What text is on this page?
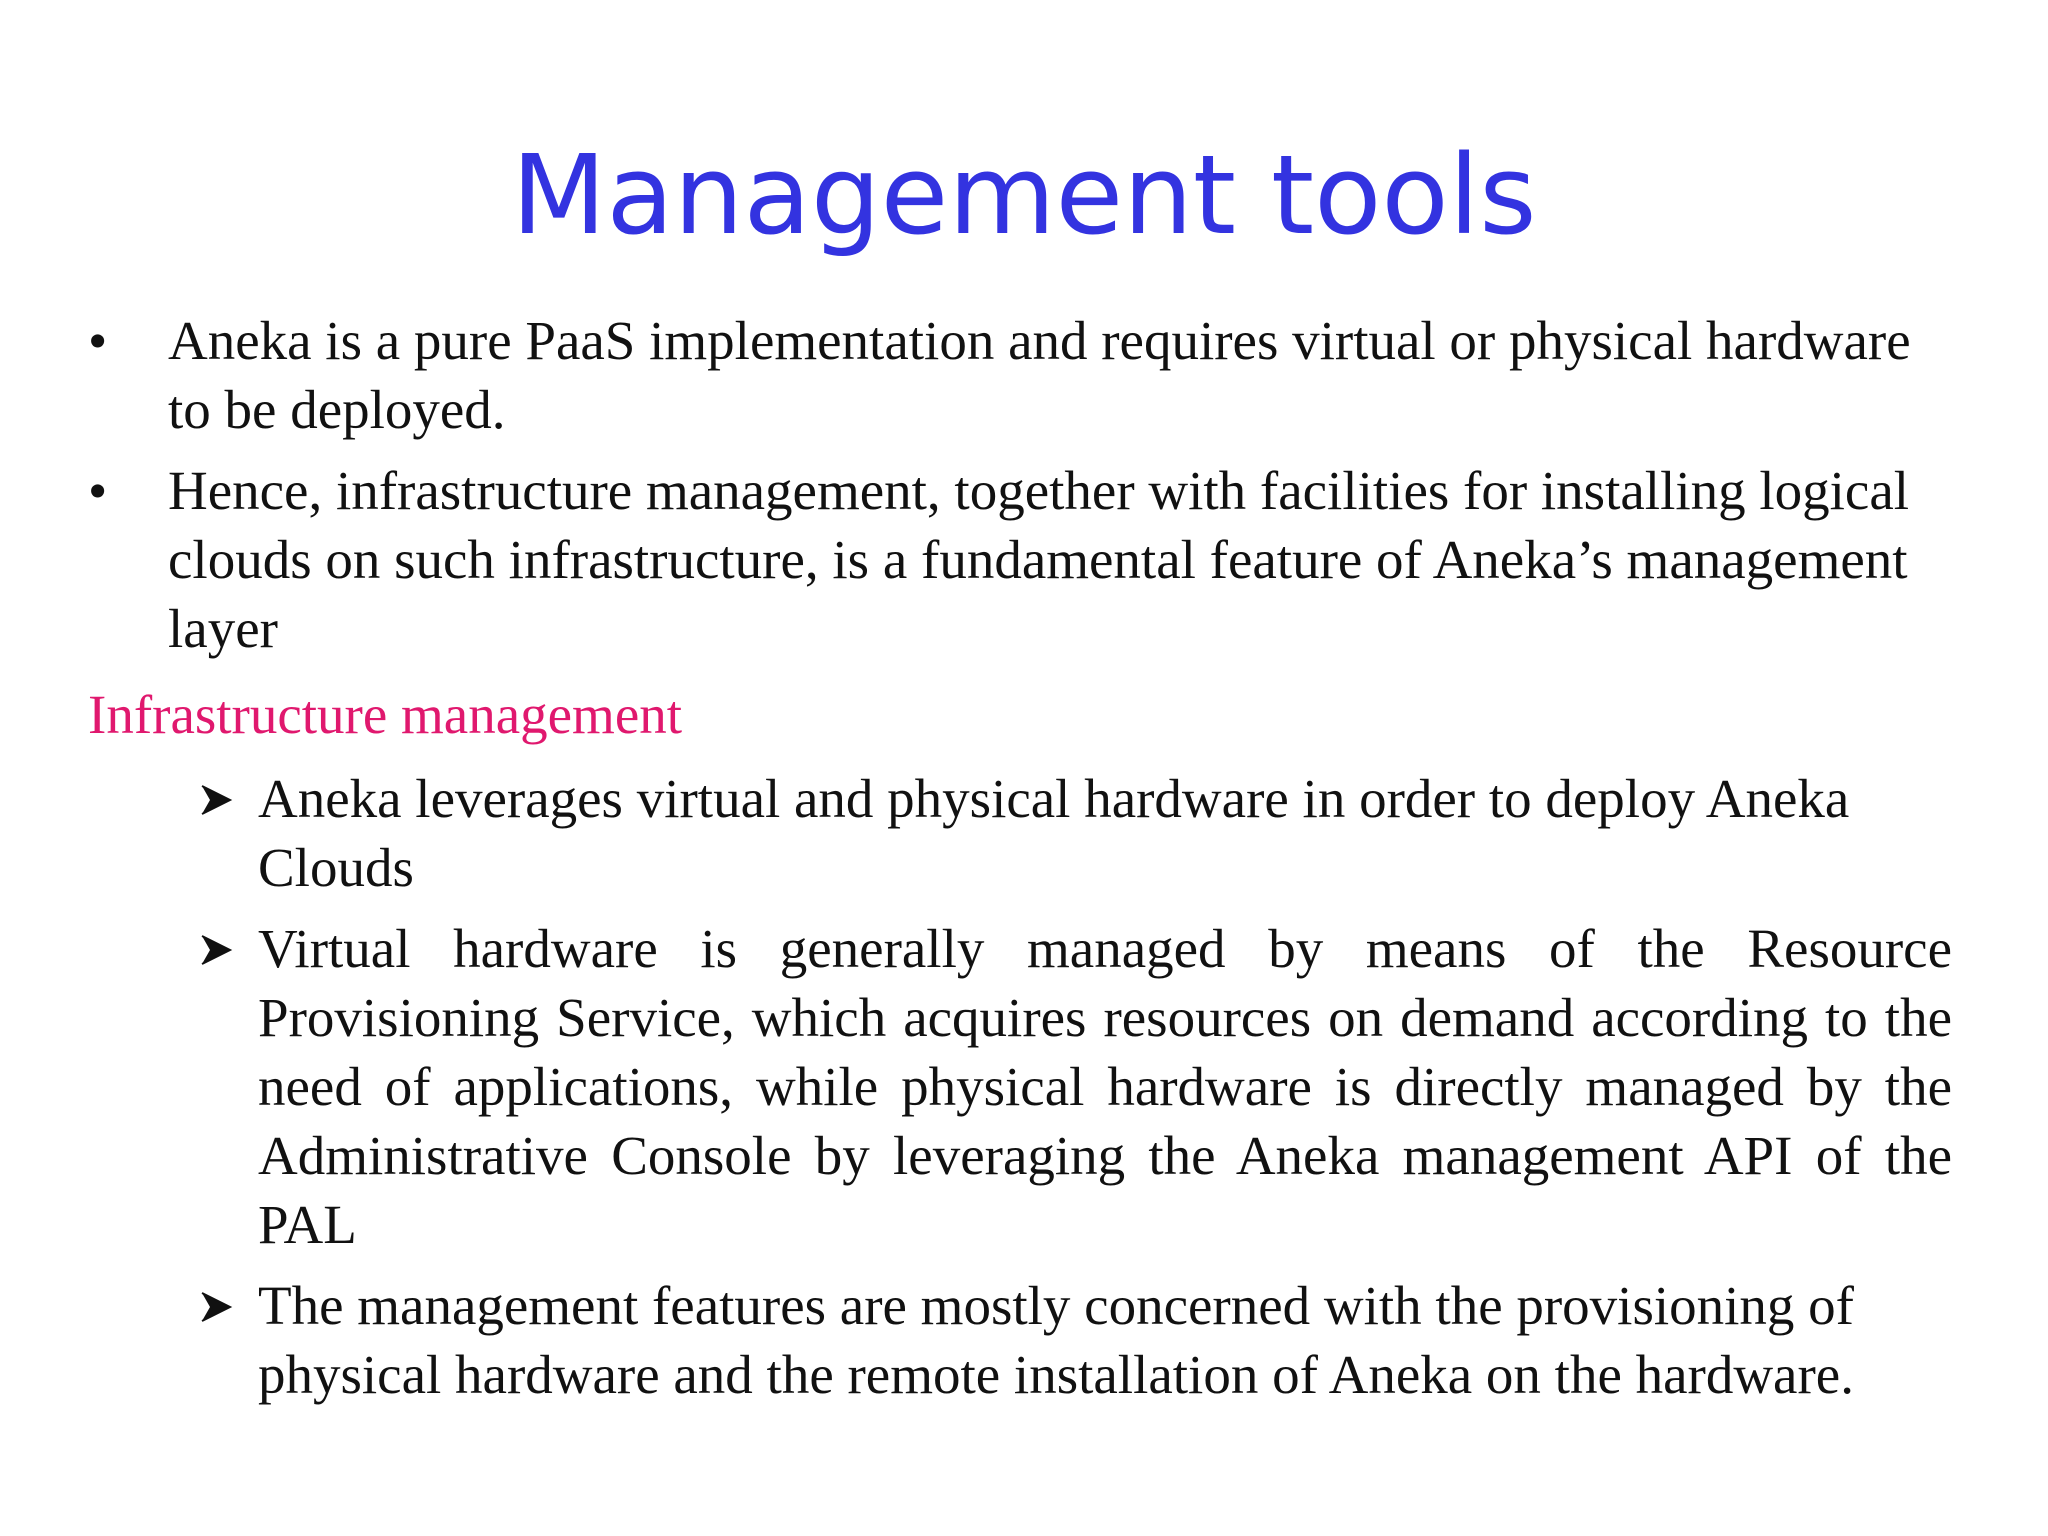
Management tools
•	Aneka is a pure PaaS implementation and requires virtual or physical hardware to be deployed.
•	Hence, infrastructure management, together with facilities for installing logical clouds on such infrastructure, is a fundamental feature of Aneka’s management layer
Infrastructure management
Aneka leverages virtual and physical hardware in order to deploy Aneka Clouds
Virtual hardware is generally managed by means of the Resource Provisioning Service, which acquires resources on demand according to the need of applications, while physical hardware is directly managed by the Administrative Console by leveraging the Aneka management API of the PAL
The management features are mostly concerned with the provisioning of physical hardware and the remote installation of Aneka on the hardware.
